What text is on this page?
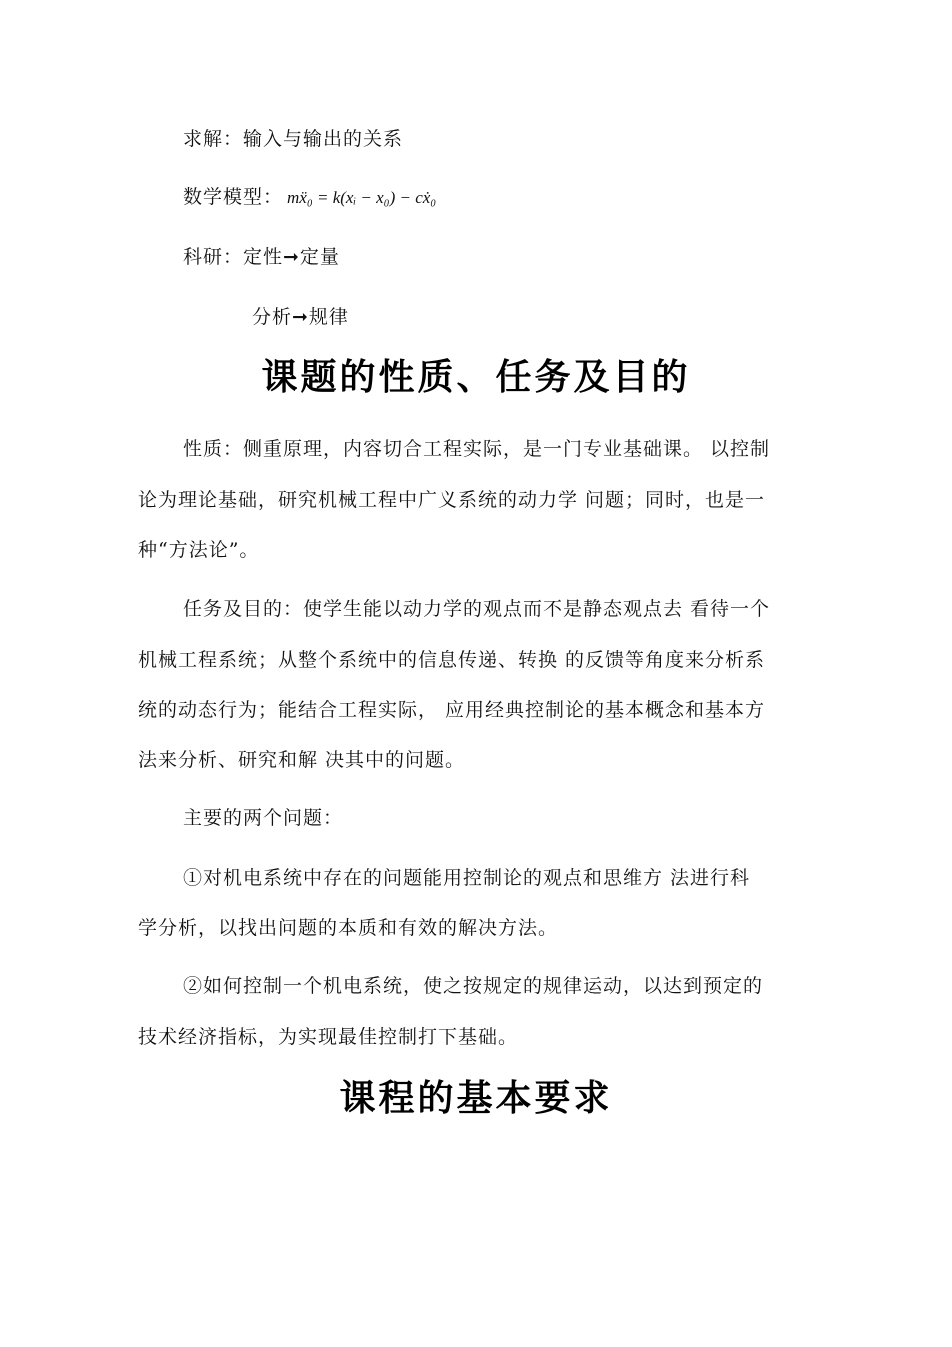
求解：输入与输出的关系
数学模型： mẍ₀ = k(xᵢ − x₀) − cẋ₀
科研：定性➞定量
分析➞规律
课题的性质、任务及目的
性质：侧重原理，内容切合工程实际，是一门专业基础课。 以控制
论为理论基础，研究机械工程中广义系统的动力学 问题；同时，也是一
种“方法论”。
任务及目的：使学生能以动力学的观点而不是静态观点去 看待一个
机械工程系统；从整个系统中的信息传递、转换 的反馈等角度来分析系
统的动态行为；能结合工程实际， 应用经典控制论的基本概念和基本方
法来分析、研究和解 决其中的问题。
主要的两个问题：
①对机电系统中存在的问题能用控制论的观点和思维方 法进行科
学分析，以找出问题的本质和有效的解决方法。
②如何控制一个机电系统，使之按规定的规律运动，以达到预定的
技术经济指标，为实现最佳控制打下基础。
课程的基本要求
